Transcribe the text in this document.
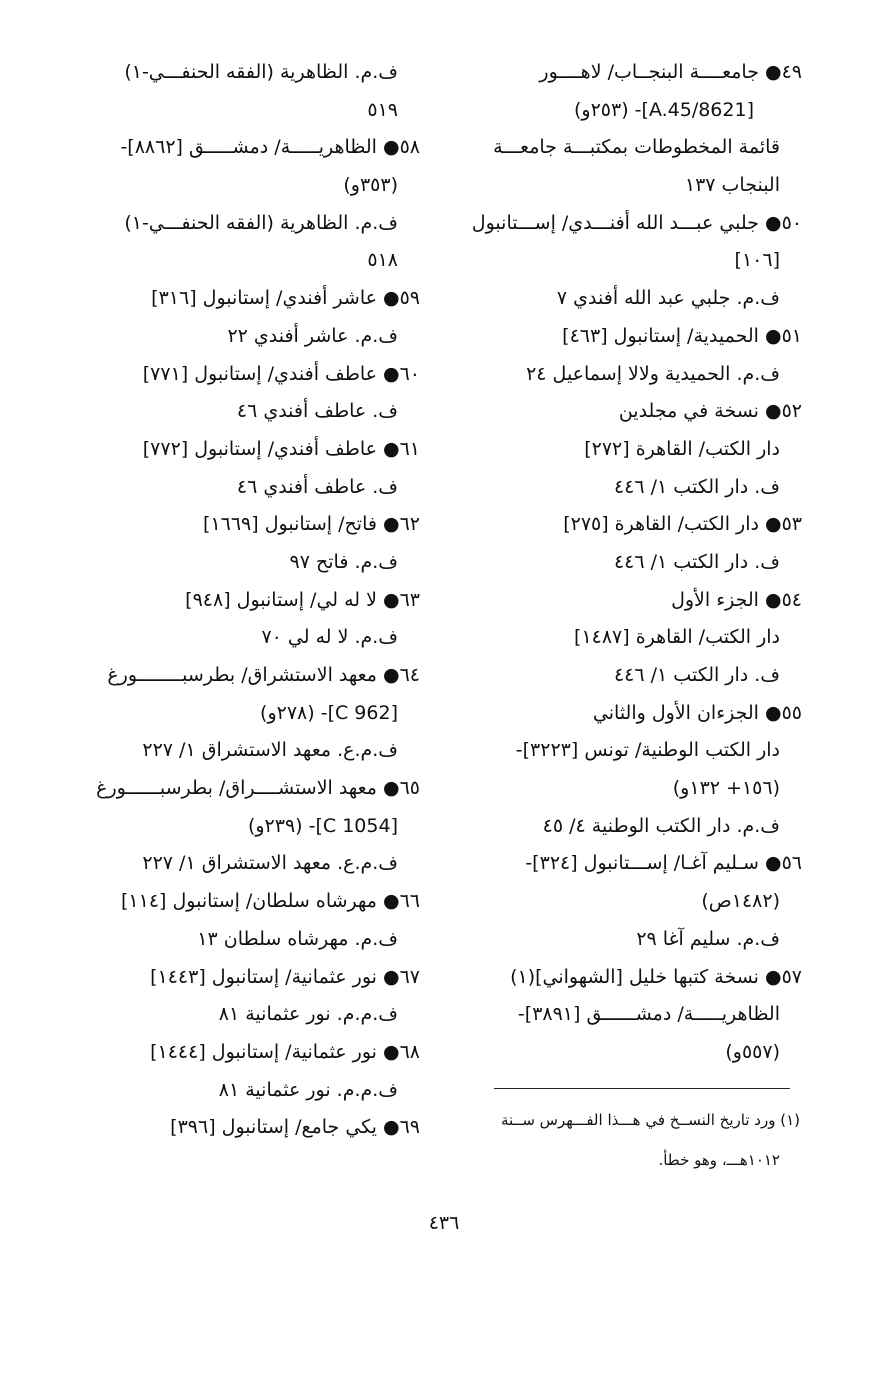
٤٩● جامعــــة البنجــاب/ لاهــــور
[A.45/8621]- (٢٥٣و)
قائمة المخطوطات بمكتبـــة جامعـــة
البنجاب ١٣٧
٥٠● جلبي عبـــد الله أفنـــدي/ إســـتانبول
[١٠٦]
ف.م. جلبي عبد الله أفندي ٧
٥١● الحميدية/ إستانبول [٤٦٣]
ف.م. الحميدية ولالا إسماعيل ٢٤
٥٢● نسخة في مجلدين
دار الكتب/ القاهرة [٢٧٢]
ف. دار الكتب ١/ ٤٤٦
٥٣● دار الكتب/ القاهرة [٢٧٥]
ف. دار الكتب ١/ ٤٤٦
٥٤● الجزء الأول
دار الكتب/ القاهرة [١٤٨٧]
ف. دار الكتب ١/ ٤٤٦
٥٥● الجزءان الأول والثاني
دار الكتب الوطنية/ تونس [٣٢٢٣]-
(١٥٦+ ١٣٢و)
ف.م. دار الكتب الوطنية ٤/ ٤٥
٥٦● سـليم آغـا/ إســـتانبول [٣٢٤]-
(١٤٨٢ص)
ف.م. سليم آغا ٢٩
٥٧● نسخة كتبها خليل [الشهواني](١)
الظاهريـــــة/ دمشــــــق [٣٨٩١]-
(٥٥٧و)
ف.م. الظاهرية (الفقه الحنفـــي-١)
٥١٩
٥٨● الظاهريـــــة/ دمشـــــق [٨٨٦٢]-
(٣٥٣و)
ف.م. الظاهرية (الفقه الحنفـــي-١)
٥١٨
٥٩● عاشر أفندي/ إستانبول [٣١٦]
ف.م. عاشر أفندي ٢٢
٦٠● عاطف أفندي/ إستانبول [٧٧١]
ف. عاطف أفندي ٤٦
٦١● عاطف أفندي/ إستانبول [٧٧٢]
ف. عاطف أفندي ٤٦
٦٢● فاتح/ إستانبول [١٦٦٩]
ف.م. فاتح ٩٧
٦٣● لا له لي/ إستانبول [٩٤٨]
ف.م. لا له لي ٧٠
٦٤● معهد الاستشراق/ بطرسبــــــــورغ
[C 962]- (٢٧٨و)
ف.م.ع. معهد الاستشراق ١/ ٢٢٧
٦٥● معهد الاستشــــراق/ بطرسبــــــورغ
[C 1054]- (٢٣٩و)
ف.م.ع. معهد الاستشراق ١/ ٢٢٧
٦٦● مهرشاه سلطان/ إستانبول [١١٤]
ف.م. مهرشاه سلطان ١٣
٦٧● نور عثمانية/ إستانبول [١٤٤٣]
ف.م.م. نور عثمانية ٨١
٦٨● نور عثمانية/ إستانبول [١٤٤٤]
ف.م.م. نور عثمانية ٨١
٦٩● يكي جامع/ إستانبول [٣٩٦]	(١) ورد تاريخ النســخ في هـــذا الفـــهرس ســنة
١٠١٢هـــ، وهو خطأ.
٤٣٦
